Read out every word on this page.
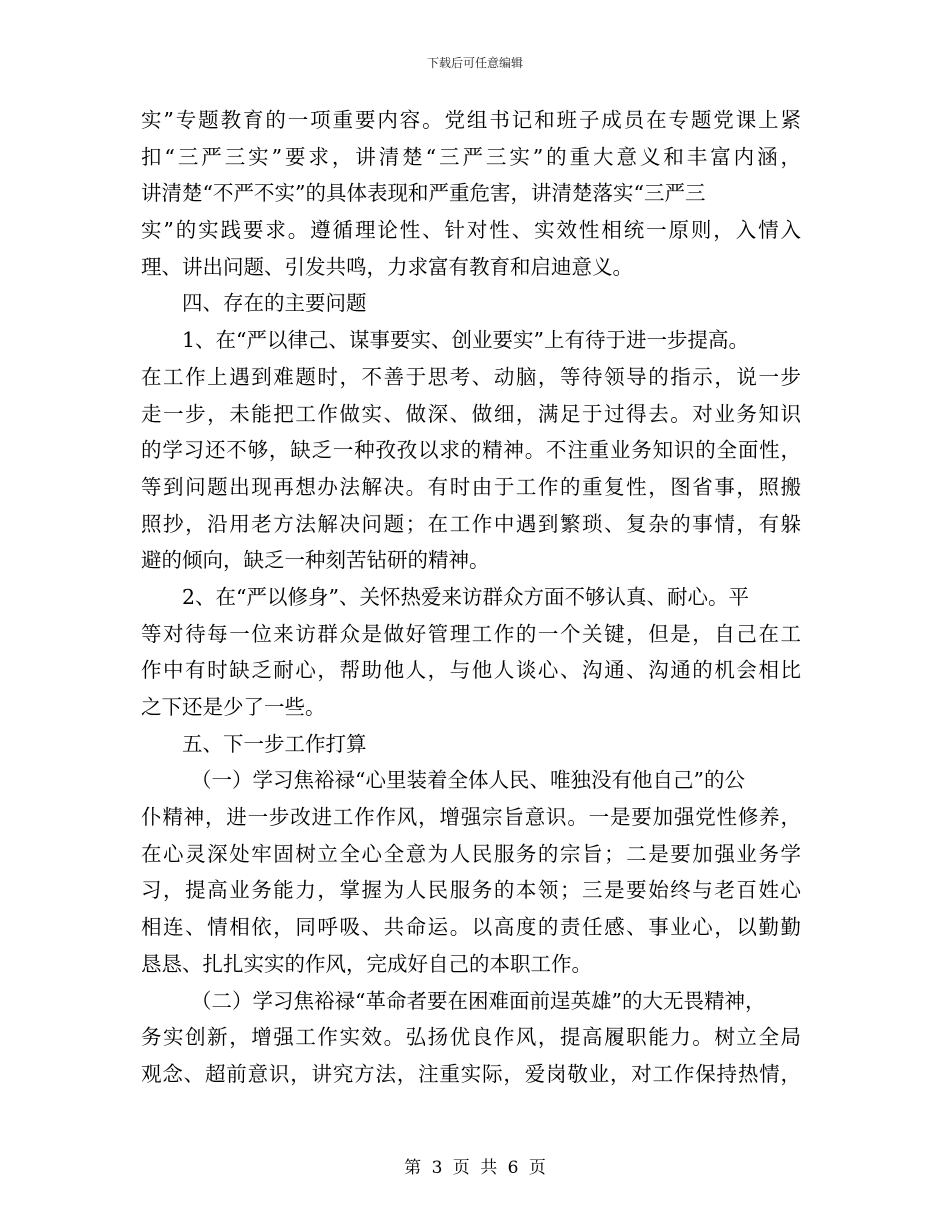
下载后可任意编辑
实”专题教育的一项重要内容。党组书记和班子成员在专题党课上紧
扣“三严三实”要求，讲清楚“三严三实”的重大意义和丰富内涵，
讲清楚“不严不实”的具体表现和严重危害，讲清楚落实“三严三
实”的实践要求。遵循理论性、针对性、实效性相统一原则，入情入
理、讲出问题、引发共鸣，力求富有教育和启迪意义。
四、存在的主要问题
1、在“严以律己、谋事要实、创业要实”上有待于进一步提高。
在工作上遇到难题时，不善于思考、动脑，等待领导的指示，说一步
走一步，未能把工作做实、做深、做细，满足于过得去。对业务知识
的学习还不够，缺乏一种孜孜以求的精神。不注重业务知识的全面性，
等到问题出现再想办法解决。有时由于工作的重复性，图省事，照搬
照抄，沿用老方法解决问题；在工作中遇到繁琐、复杂的事情，有躲
避的倾向，缺乏一种刻苦钻研的精神。
2、在“严以修身”、关怀热爱来访群众方面不够认真、耐心。平
等对待每一位来访群众是做好管理工作的一个关键，但是，自己在工
作中有时缺乏耐心，帮助他人，与他人谈心、沟通、沟通的机会相比
之下还是少了一些。
五、下一步工作打算
（一）学习焦裕禄“心里装着全体人民、唯独没有他自己”的公
仆精神，进一步改进工作作风，增强宗旨意识。一是要加强党性修养，
在心灵深处牢固树立全心全意为人民服务的宗旨；二是要加强业务学
习，提高业务能力，掌握为人民服务的本领；三是要始终与老百姓心
相连、情相依，同呼吸、共命运。以高度的责任感、事业心，以勤勤
恳恳、扎扎实实的作风，完成好自己的本职工作。
（二）学习焦裕禄“革命者要在困难面前逞英雄”的大无畏精神，
务实创新，增强工作实效。弘扬优良作风，提高履职能力。树立全局
观念、超前意识，讲究方法，注重实际，爱岗敬业，对工作保持热情，
第 3 页 共 6 页
